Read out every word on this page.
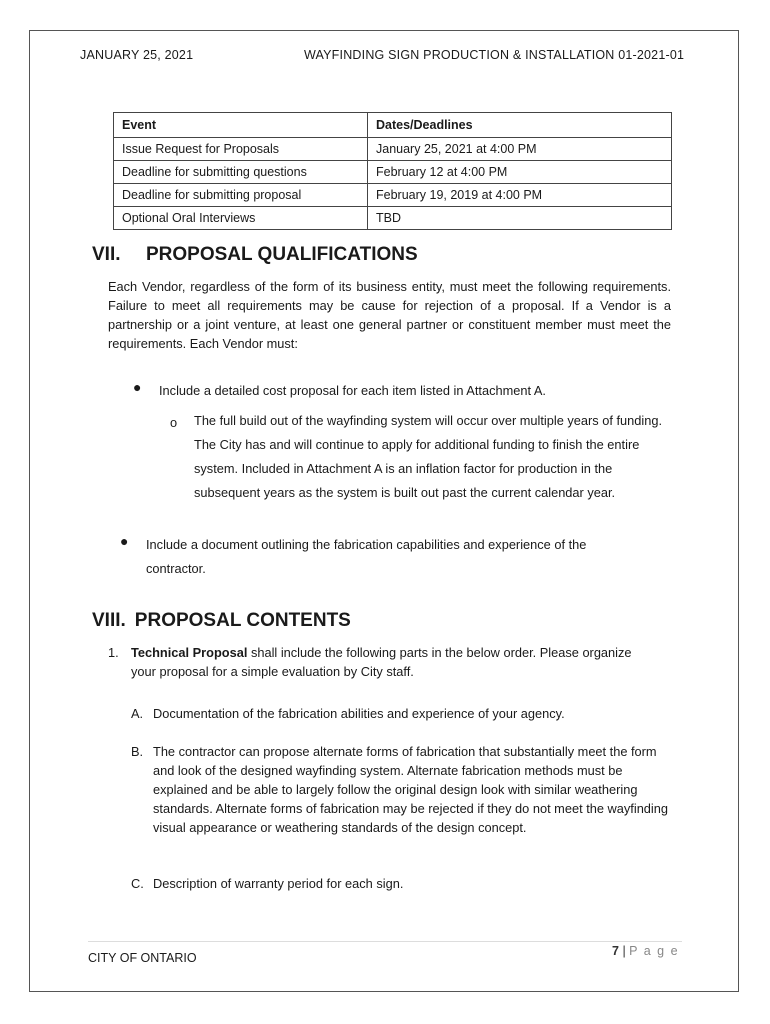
JANUARY 25, 2021	WAYFINDING SIGN PRODUCTION & INSTALLATION 01-2021-01
Event	Dates/Deadlines
Issue Request for Proposals	January 25, 2021 at 4:00 PM
Deadline for submitting questions	February 12 at 4:00 PM
Deadline for submitting proposal	February 19, 2019 at 4:00 PM
Optional Oral Interviews	TBD
VII. PROPOSAL QUALIFICATIONS
Each Vendor, regardless of the form of its business entity, must meet the following requirements. Failure to meet all requirements may be cause for rejection of a proposal. If a Vendor is a partnership or a joint venture, at least one general partner or constituent member must meet the requirements. Each Vendor must:
● Include a detailed cost proposal for each item listed in Attachment A.
o The full build out of the wayfinding system will occur over multiple years of funding. The City has and will continue to apply for additional funding to finish the entire system. Included in Attachment A is an inflation factor for production in the subsequent years as the system is built out past the current calendar year.
● Include a document outlining the fabrication capabilities and experience of the
contractor.
VIII. PROPOSAL CONTENTS
1. Technical Proposal shall include the following parts in the below order. Please organize
your proposal for a simple evaluation by City staff.
A. Documentation of the fabrication abilities and experience of your agency.
B. The contractor can propose alternate forms of fabrication that substantially meet the form and look of the designed wayfinding system. Alternate fabrication methods must be explained and be able to largely follow the original design look with similar weathering standards. Alternate forms of fabrication may be rejected if they do not meet the wayfinding visual appearance or weathering standards of the design concept.
C. Description of warranty period for each sign.
CITY OF ONTARIO	7 | P a g e
